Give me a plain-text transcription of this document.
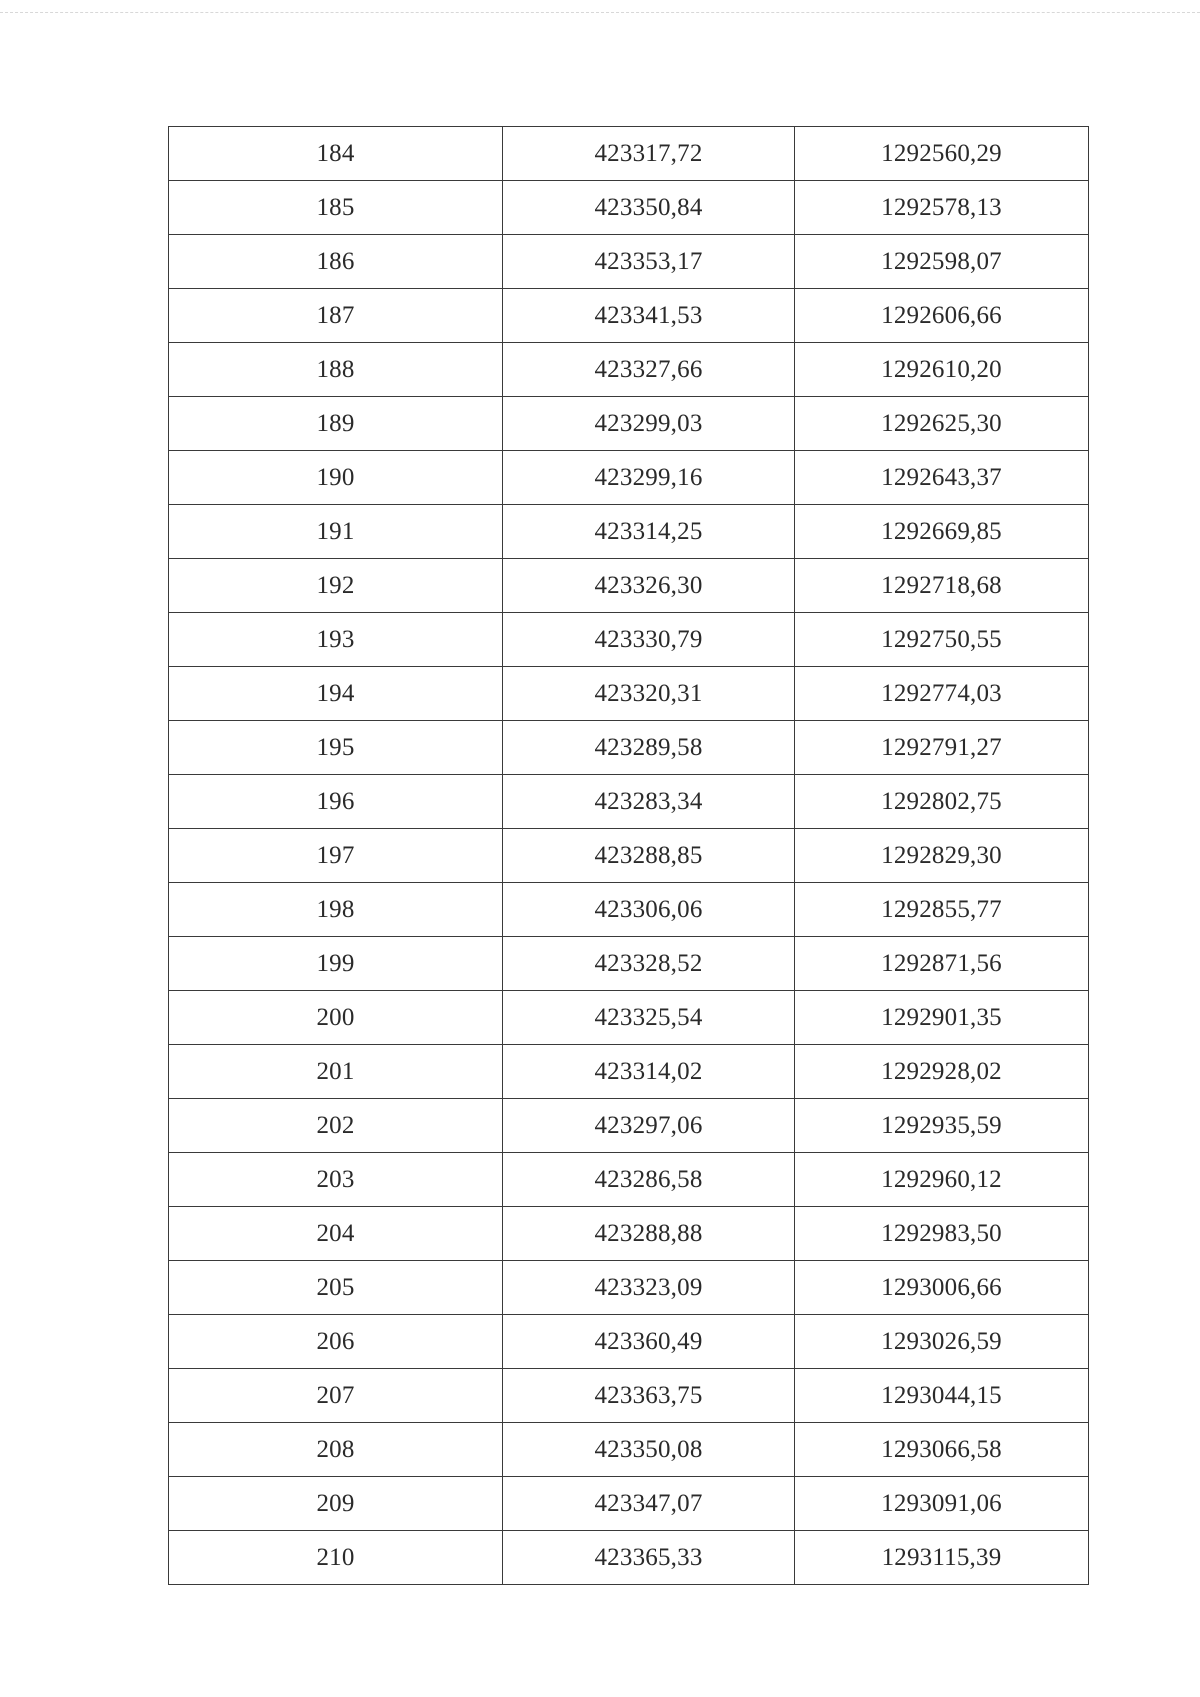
184	423317,72	1292560,29
185	423350,84	1292578,13
186	423353,17	1292598,07
187	423341,53	1292606,66
188	423327,66	1292610,20
189	423299,03	1292625,30
190	423299,16	1292643,37
191	423314,25	1292669,85
192	423326,30	1292718,68
193	423330,79	1292750,55
194	423320,31	1292774,03
195	423289,58	1292791,27
196	423283,34	1292802,75
197	423288,85	1292829,30
198	423306,06	1292855,77
199	423328,52	1292871,56
200	423325,54	1292901,35
201	423314,02	1292928,02
202	423297,06	1292935,59
203	423286,58	1292960,12
204	423288,88	1292983,50
205	423323,09	1293006,66
206	423360,49	1293026,59
207	423363,75	1293044,15
208	423350,08	1293066,58
209	423347,07	1293091,06
210	423365,33	1293115,39
